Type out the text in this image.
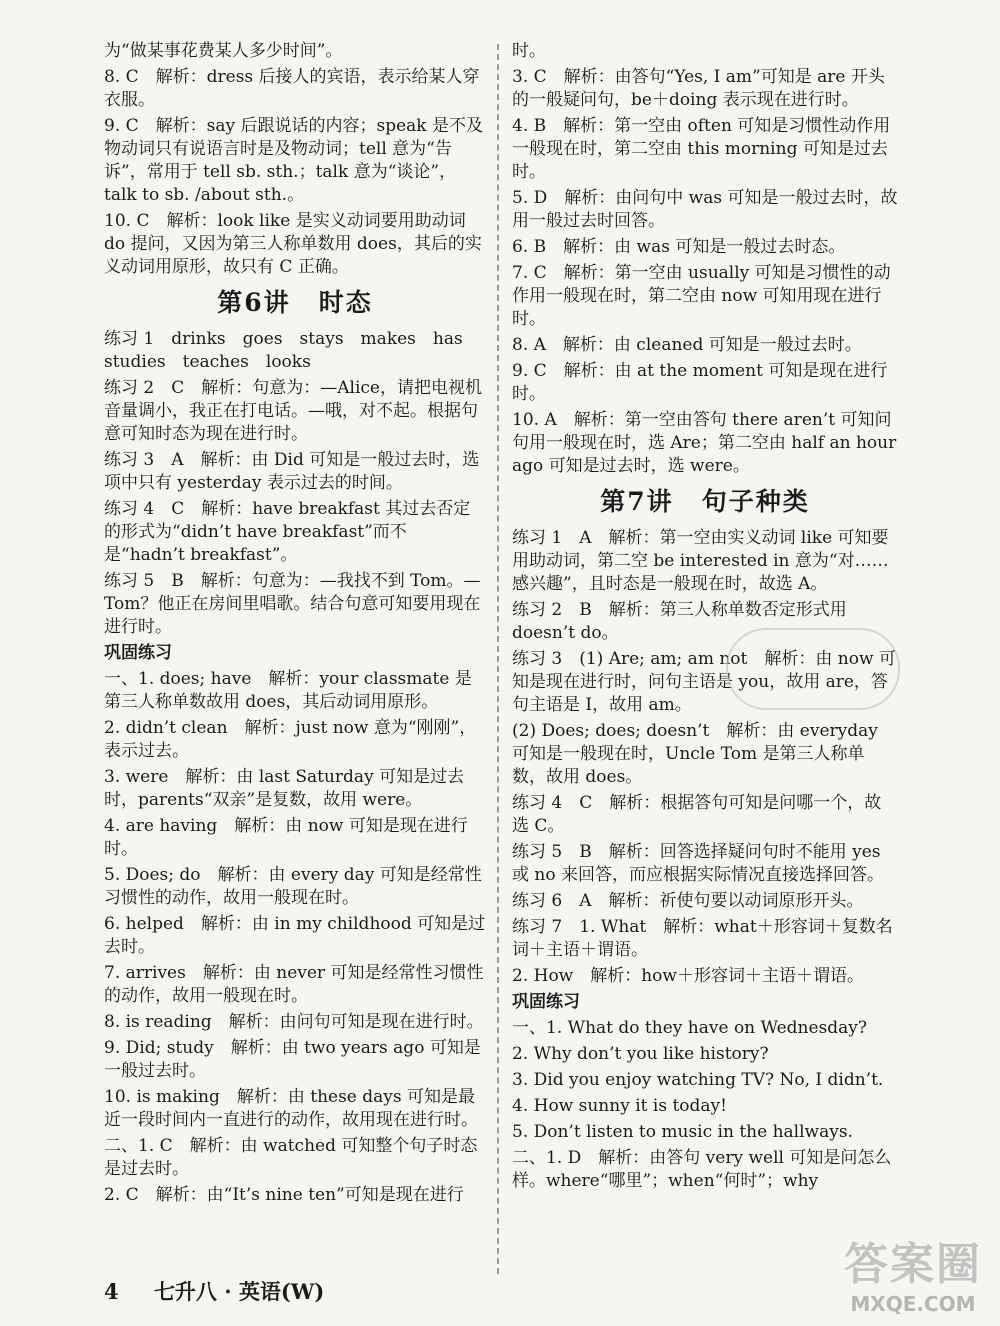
为“做某事花费某人多少时间”。
8. C　解析：dress 后接人的宾语，表示给某人穿衣服。
9. C　解析：say 后跟说话的内容；speak 是不及物动词只有说语言时是及物动词；tell 意为“告诉”，常用于 tell sb. sth.；talk 意为“谈论”，talk to sb. /about sth.。
10. C　解析：look like 是实义动词要用助动词 do 提问，又因为第三人称单数用 does，其后的实义动词用原形，故只有 C 正确。
第6讲 时态
练习 1　drinks　goes　stays　makes　has　studies　teaches　looks
练习 2　C　解析：句意为：—Alice，请把电视机音量调小，我正在打电话。—哦，对不起。根据句意可知时态为现在进行时。
练习 3　A　解析：由 Did 可知是一般过去时，选项中只有 yesterday 表示过去的时间。
练习 4　C　解析：have breakfast 其过去否定的形式为“didn’t have breakfast”而不是“hadn’t breakfast”。
练习 5　B　解析：句意为：—我找不到 Tom。—Tom？他正在房间里唱歌。结合句意可知要用现在进行时。
巩固练习
一、1. does; have　解析：your classmate 是第三人称单数故用 does，其后动词用原形。
2. didn’t clean　解析：just now 意为“刚刚”，表示过去。
3. were　解析：由 last Saturday 可知是过去时，parents“双亲”是复数，故用 were。
4. are having　解析：由 now 可知是现在进行时。
5. Does; do　解析：由 every day 可知是经常性习惯性的动作，故用一般现在时。
6. helped　解析：由 in my childhood 可知是过去时。
7. arrives　解析：由 never 可知是经常性习惯性的动作，故用一般现在时。
8. is reading　解析：由问句可知是现在进行时。
9. Did; study　解析：由 two years ago 可知是一般过去时。
10. is making　解析：由 these days 可知是最近一段时间内一直进行的动作，故用现在进行时。
二、1. C　解析：由 watched 可知整个句子时态是过去时。
2. C　解析：由“It’s nine ten”可知是现在进行
时。
3. C　解析：由答句“Yes, I am”可知是 are 开头的一般疑问句，be＋doing 表示现在进行时。
4. B　解析：第一空由 often 可知是习惯性动作用一般现在时，第二空由 this morning 可知是过去时。
5. D　解析：由问句中 was 可知是一般过去时，故用一般过去时回答。
6. B　解析：由 was 可知是一般过去时态。
7. C　解析：第一空由 usually 可知是习惯性的动作用一般现在时，第二空由 now 可知用现在进行时。
8. A　解析：由 cleaned 可知是一般过去时。
9. C　解析：由 at the moment 可知是现在进行时。
10. A　解析：第一空由答句 there aren’t 可知问句用一般现在时，选 Are；第二空由 half an hour ago 可知是过去时，选 were。
第7讲 句子种类
练习 1　A　解析：第一空由实义动词 like 可知要用助动词，第二空 be interested in 意为“对……感兴趣”，且时态是一般现在时，故选 A。
练习 2　B　解析：第三人称单数否定形式用 doesn’t do。
练习 3　(1) Are; am; am not　解析：由 now 可知是现在进行时，问句主语是 you，故用 are，答句主语是 I，故用 am。
(2) Does; does; doesn’t　解析：由 everyday 可知是一般现在时，Uncle Tom 是第三人称单数，故用 does。
练习 4　C　解析：根据答句可知是问哪一个，故选 C。
练习 5　B　解析：回答选择疑问句时不能用 yes 或 no 来回答，而应根据实际情况直接选择回答。
练习 6　A　解析：祈使句要以动词原形开头。
练习 7　1. What　解析：what＋形容词＋复数名词＋主语＋谓语。
2. How　解析：how＋形容词＋主语＋谓语。
巩固练习
一、1. What do they have on Wednesday?
2. Why don’t you like history?
3. Did you enjoy watching TV? No, I didn’t.
4. How sunny it is today!
5. Don’t listen to music in the hallways.
二、1. D　解析：由答句 very well 可知是问怎么样。where“哪里”；when“何时”；why
4 七升八 · 英语(W)
答案圈
MXQE.COM
